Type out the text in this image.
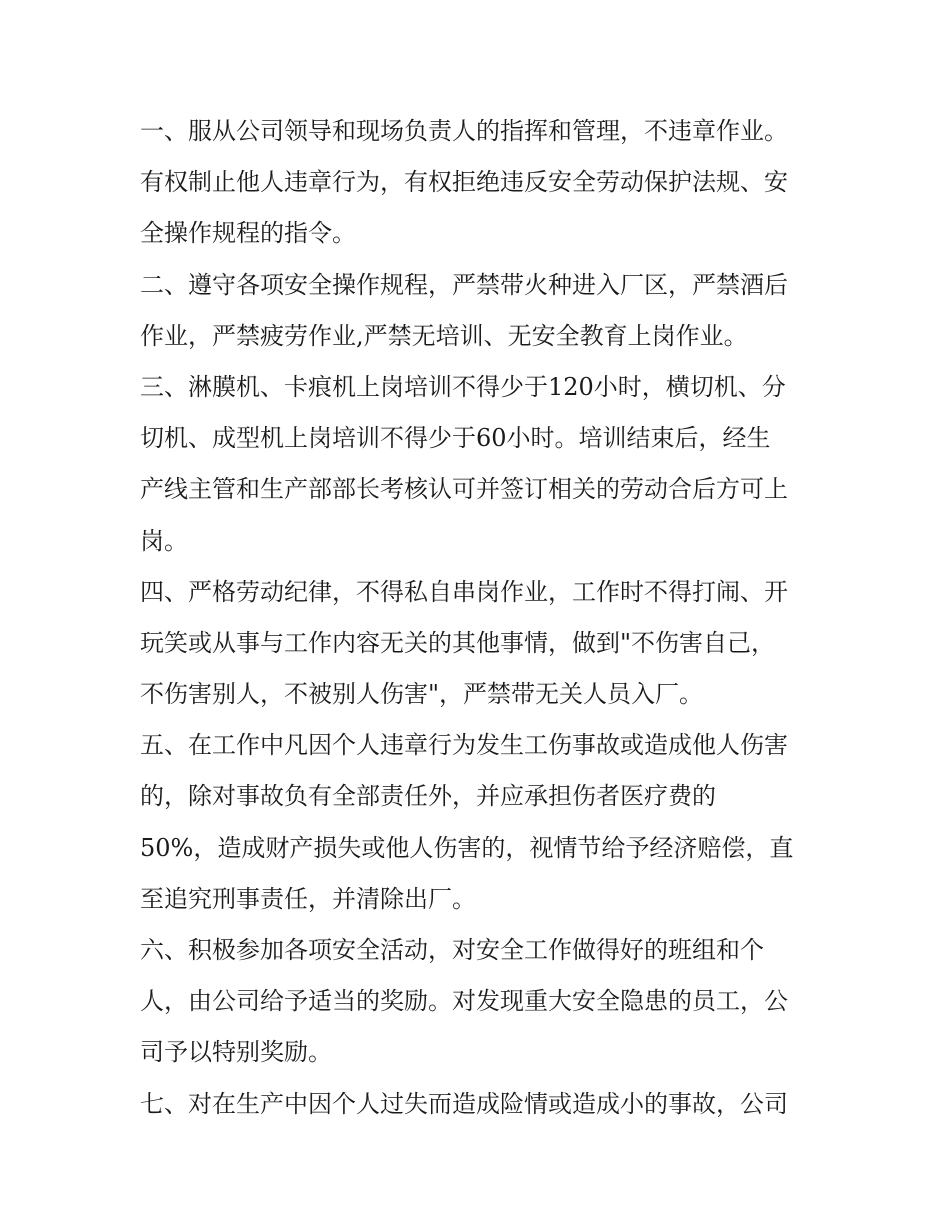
一、服从公司领导和现场负责人的指挥和管理，不违章作业。
有权制止他人违章行为，有权拒绝违反安全劳动保护法规、安
全操作规程的指令。
二、遵守各项安全操作规程，严禁带火种进入厂区，严禁酒后
作业，严禁疲劳作业,严禁无培训、无安全教育上岗作业。
三、淋膜机、卡痕机上岗培训不得少于120小时，横切机、分
切机、成型机上岗培训不得少于60小时。培训结束后，经生
产线主管和生产部部长考核认可并签订相关的劳动合后方可上
岗。
四、严格劳动纪律，不得私自串岗作业，工作时不得打闹、开
玩笑或从事与工作内容无关的其他事情，做到"不伤害自己，
不伤害别人，不被别人伤害"，严禁带无关人员入厂。
五、在工作中凡因个人违章行为发生工伤事故或造成他人伤害
的，除对事故负有全部责任外，并应承担伤者医疗费的
50%，造成财产损失或他人伤害的，视情节给予经济赔偿，直
至追究刑事责任，并清除出厂。
六、积极参加各项安全活动，对安全工作做得好的班组和个
人，由公司给予适当的奖励。对发现重大安全隐患的员工，公
司予以特别奖励。
七、对在生产中因个人过失而造成险情或造成小的事故，公司
